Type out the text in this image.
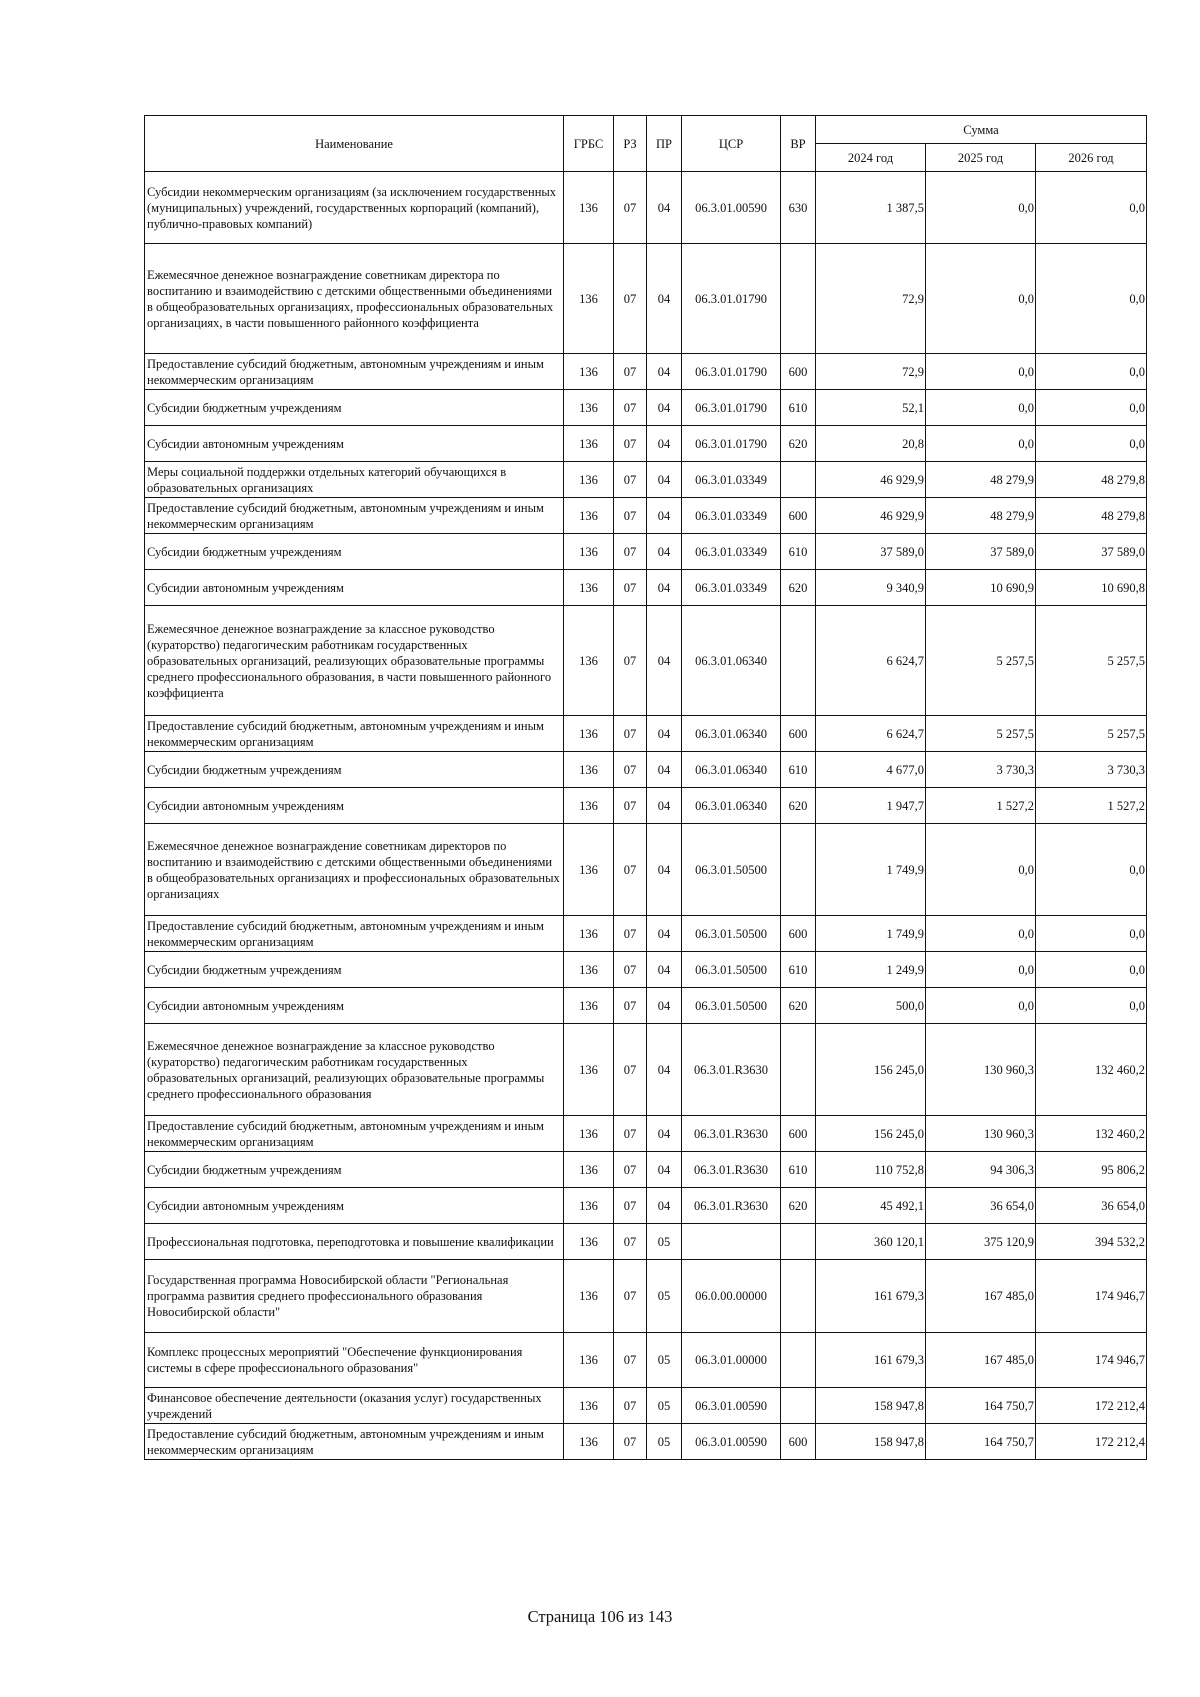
Наименование	ГРБС	РЗ	ПР	ЦСР	ВР	Сумма		
						2024 год	2025 год	2026 год
Субсидии некоммерческим организациям (за исключением государственных (муниципальных) учреждений, государственных корпораций (компаний), публично-правовых компаний)	136	07	04	06.3.01.00590	630	1 387,5	0,0	0,0
Ежемесячное денежное вознаграждение советникам директора по воспитанию и взаимодействию с детскими общественными объединениями в общеобразовательных организациях, профессиональных образовательных организациях, в части повышенного районного коэффициента	136	07	04	06.3.01.01790		72,9	0,0	0,0
Предоставление субсидий бюджетным, автономным учреждениям и иным некоммерческим организациям	136	07	04	06.3.01.01790	600	72,9	0,0	0,0
Субсидии бюджетным учреждениям	136	07	04	06.3.01.01790	610	52,1	0,0	0,0
Субсидии автономным учреждениям	136	07	04	06.3.01.01790	620	20,8	0,0	0,0
Меры социальной поддержки отдельных категорий обучающихся в образовательных организациях	136	07	04	06.3.01.03349		46 929,9	48 279,9	48 279,8
Предоставление субсидий бюджетным, автономным учреждениям и иным некоммерческим организациям	136	07	04	06.3.01.03349	600	46 929,9	48 279,9	48 279,8
Субсидии бюджетным учреждениям	136	07	04	06.3.01.03349	610	37 589,0	37 589,0	37 589,0
Субсидии автономным учреждениям	136	07	04	06.3.01.03349	620	9 340,9	10 690,9	10 690,8
Ежемесячное денежное вознаграждение за классное руководство (кураторство) педагогическим работникам государственных образовательных организаций, реализующих образовательные программы среднего профессионального образования, в части повышенного районного коэффициента	136	07	04	06.3.01.06340		6 624,7	5 257,5	5 257,5
Предоставление субсидий бюджетным, автономным учреждениям и иным некоммерческим организациям	136	07	04	06.3.01.06340	600	6 624,7	5 257,5	5 257,5
Субсидии бюджетным учреждениям	136	07	04	06.3.01.06340	610	4 677,0	3 730,3	3 730,3
Субсидии автономным учреждениям	136	07	04	06.3.01.06340	620	1 947,7	1 527,2	1 527,2
Ежемесячное денежное вознаграждение советникам директоров по воспитанию и взаимодействию с детскими общественными объединениями в общеобразовательных организациях и профессиональных образовательных организациях	136	07	04	06.3.01.50500		1 749,9	0,0	0,0
Предоставление субсидий бюджетным, автономным учреждениям и иным некоммерческим организациям	136	07	04	06.3.01.50500	600	1 749,9	0,0	0,0
Субсидии бюджетным учреждениям	136	07	04	06.3.01.50500	610	1 249,9	0,0	0,0
Субсидии автономным учреждениям	136	07	04	06.3.01.50500	620	500,0	0,0	0,0
Ежемесячное денежное вознаграждение за классное руководство (кураторство) педагогическим работникам государственных образовательных организаций, реализующих образовательные программы среднего профессионального образования	136	07	04	06.3.01.R3630		156 245,0	130 960,3	132 460,2
Предоставление субсидий бюджетным, автономным учреждениям и иным некоммерческим организациям	136	07	04	06.3.01.R3630	600	156 245,0	130 960,3	132 460,2
Субсидии бюджетным учреждениям	136	07	04	06.3.01.R3630	610	110 752,8	94 306,3	95 806,2
Субсидии автономным учреждениям	136	07	04	06.3.01.R3630	620	45 492,1	36 654,0	36 654,0
Профессиональная подготовка, переподготовка и повышение квалификации	136	07	05			360 120,1	375 120,9	394 532,2
Государственная программа Новосибирской области "Региональная программа развития среднего профессионального образования Новосибирской области"	136	07	05	06.0.00.00000		161 679,3	167 485,0	174 946,7
Комплекс процессных мероприятий "Обеспечение функционирования системы в сфере профессионального образования"	136	07	05	06.3.01.00000		161 679,3	167 485,0	174 946,7
Финансовое обеспечение деятельности (оказания услуг) государственных учреждений	136	07	05	06.3.01.00590		158 947,8	164 750,7	172 212,4
Предоставление субсидий бюджетным, автономным учреждениям и иным некоммерческим организациям	136	07	05	06.3.01.00590	600	158 947,8	164 750,7	172 212,4
Страница 106 из 143
